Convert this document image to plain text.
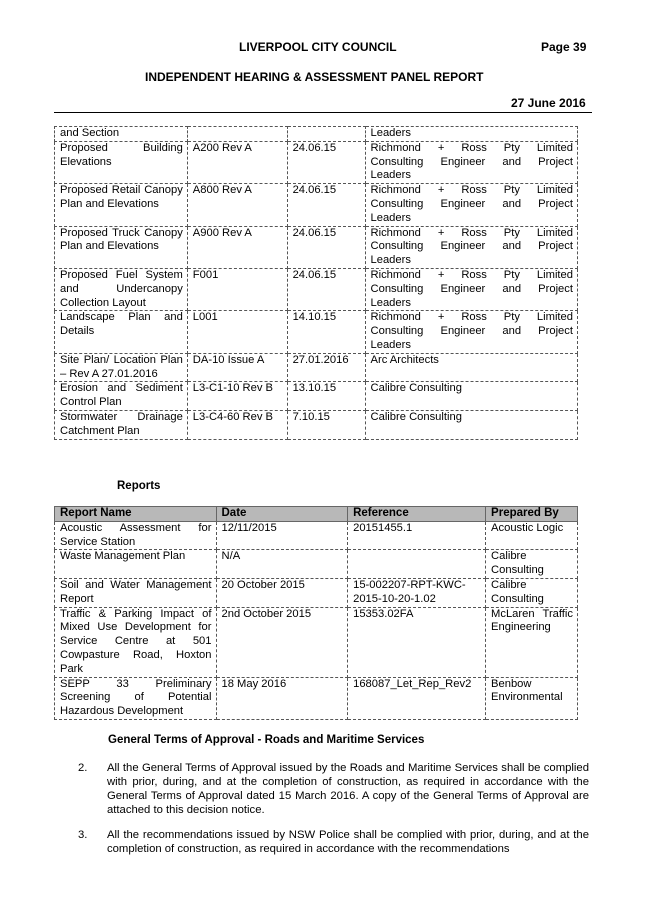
LIVERPOOL CITY COUNCIL	Page 39
INDEPENDENT HEARING & ASSESSMENT PANEL REPORT
27 June 2016
and Section			Leaders
Proposed Building Elevations	A200 Rev A	24.06.15	Richmond + Ross Pty Limited Consulting Engineer and Project Leaders
Proposed Retail Canopy Plan and Elevations	A800 Rev A	24.06.15	Richmond + Ross Pty Limited Consulting Engineer and Project Leaders
Proposed Truck Canopy Plan and Elevations	A900 Rev A	24.06.15	Richmond + Ross Pty Limited Consulting Engineer and Project Leaders
Proposed Fuel System and Undercanopy Collection Layout	F001	24.06.15	Richmond + Ross Pty Limited Consulting Engineer and Project Leaders
Landscape Plan and Details	L001	14.10.15	Richmond + Ross Pty Limited Consulting Engineer and Project Leaders
Site Plan/ Location Plan – Rev A 27.01.2016	DA-10 Issue A	27.01.2016	Arc Architects
Erosion and Sediment Control Plan	L3-C1-10 Rev B	13.10.15	Calibre Consulting
Stormwater Drainage Catchment Plan	L3-C4-60 Rev B	7.10.15	Calibre Consulting
Reports
Report Name	Date	Reference	Prepared By
Acoustic Assessment for Service Station	12/11/2015	20151455.1	Acoustic Logic
Waste Management Plan	N/A		Calibre Consulting
Soil and Water Management Report	20 October 2015	15-002207-RPT-KWC-2015-10-20-1.02	Calibre Consulting
Traffic & Parking Impact of Mixed Use Development for Service Centre at 501 Cowpasture Road, Hoxton Park	2nd October 2015	15353.02FA	McLaren Traffic Engineering
SEPP 33 Preliminary Screening of Potential Hazardous Development	18 May 2016	168087_Let_Rep_Rev2	Benbow Environmental
General Terms of Approval - Roads and Maritime Services
2. All the General Terms of Approval issued by the Roads and Maritime Services shall be complied with prior, during, and at the completion of construction, as required in accordance with the General Terms of Approval dated 15 March 2016. A copy of the General Terms of Approval are attached to this decision notice.
3. All the recommendations issued by NSW Police shall be complied with prior, during, and at the completion of construction, as required in accordance with the recommendations
